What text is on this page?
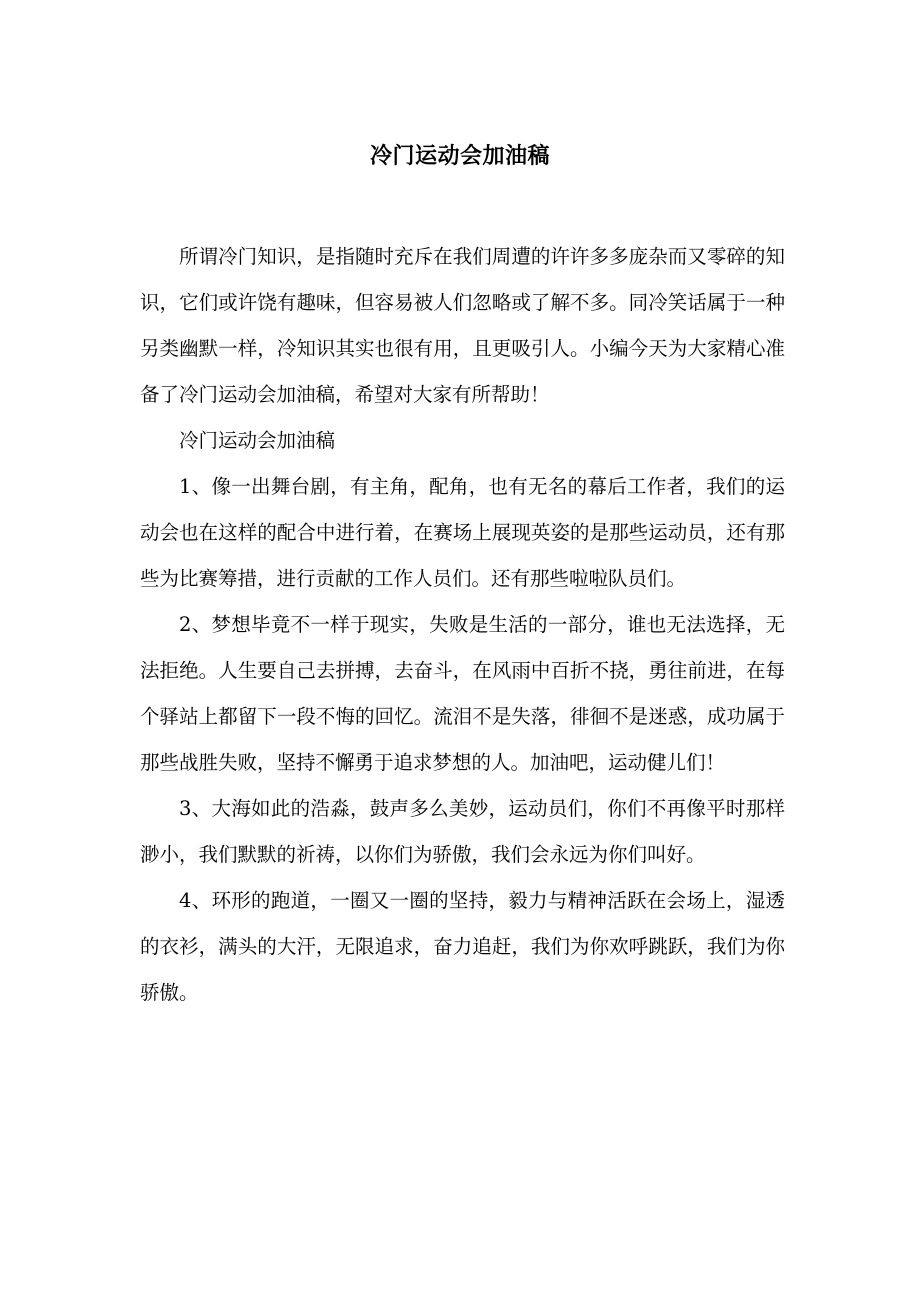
冷门运动会加油稿

所谓冷门知识，是指随时充斥在我们周遭的许许多多庞杂而又零碎的知识，它们或许饶有趣味，但容易被人们忽略或了解不多。同冷笑话属于一种另类幽默一样，冷知识其实也很有用，且更吸引人。小编今天为大家精心准备了冷门运动会加油稿，希望对大家有所帮助！

冷门运动会加油稿

1、像一出舞台剧，有主角，配角，也有无名的幕后工作者，我们的运动会也在这样的配合中进行着，在赛场上展现英姿的是那些运动员，还有那些为比赛筹措，进行贡献的工作人员们。还有那些啦啦队员们。

2、梦想毕竟不一样于现实，失败是生活的一部分，谁也无法选择，无法拒绝。人生要自己去拼搏，去奋斗，在风雨中百折不挠，勇往前进，在每个驿站上都留下一段不悔的回忆。流泪不是失落，徘徊不是迷惑，成功属于那些战胜失败，坚持不懈勇于追求梦想的人。加油吧，运动健儿们！

3、大海如此的浩淼，鼓声多么美妙，运动员们，你们不再像平时那样渺小，我们默默的祈祷，以你们为骄傲，我们会永远为你们叫好。

4、环形的跑道，一圈又一圈的坚持，毅力与精神活跃在会场上，湿透的衣衫，满头的大汗，无限追求，奋力追赶，我们为你欢呼跳跃，我们为你骄傲。
